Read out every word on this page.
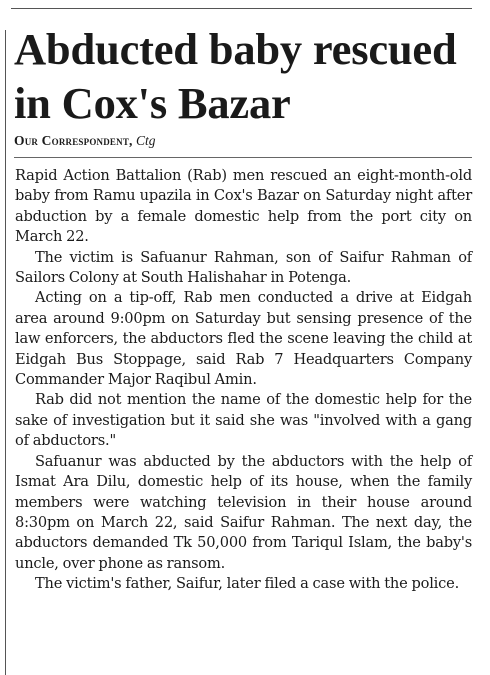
Abducted baby rescued in Cox's Bazar
Our Correspondent, Ctg

Rapid Action Battalion (Rab) men rescued an eight-month-old baby from Ramu upazila in Cox's Bazar on Saturday night after abduction by a female domestic help from the port city on March 22.

The victim is Safuanur Rahman, son of Saifur Rahman of Sailors Colony at South Halishahar in Potenga.

Acting on a tip-off, Rab men conducted a drive at Eidgah area around 9:00pm on Saturday but sensing presence of the law enforcers, the abductors fled the scene leaving the child at Eidgah Bus Stoppage, said Rab 7 Headquarters Company Commander Major Raqibul Amin.

Rab did not mention the name of the domestic help for the sake of investigation but it said she was "involved with a gang of abductors."

Safuanur was abducted by the abductors with the help of Ismat Ara Dilu, domestic help of its house, when the family members were watching television in their house around 8:30pm on March 22, said Saifur Rahman. The next day, the abductors demanded Tk 50,000 from Tariqul Islam, the baby's uncle, over phone as ransom.

The victim's father, Saifur, later filed a case with the police.
